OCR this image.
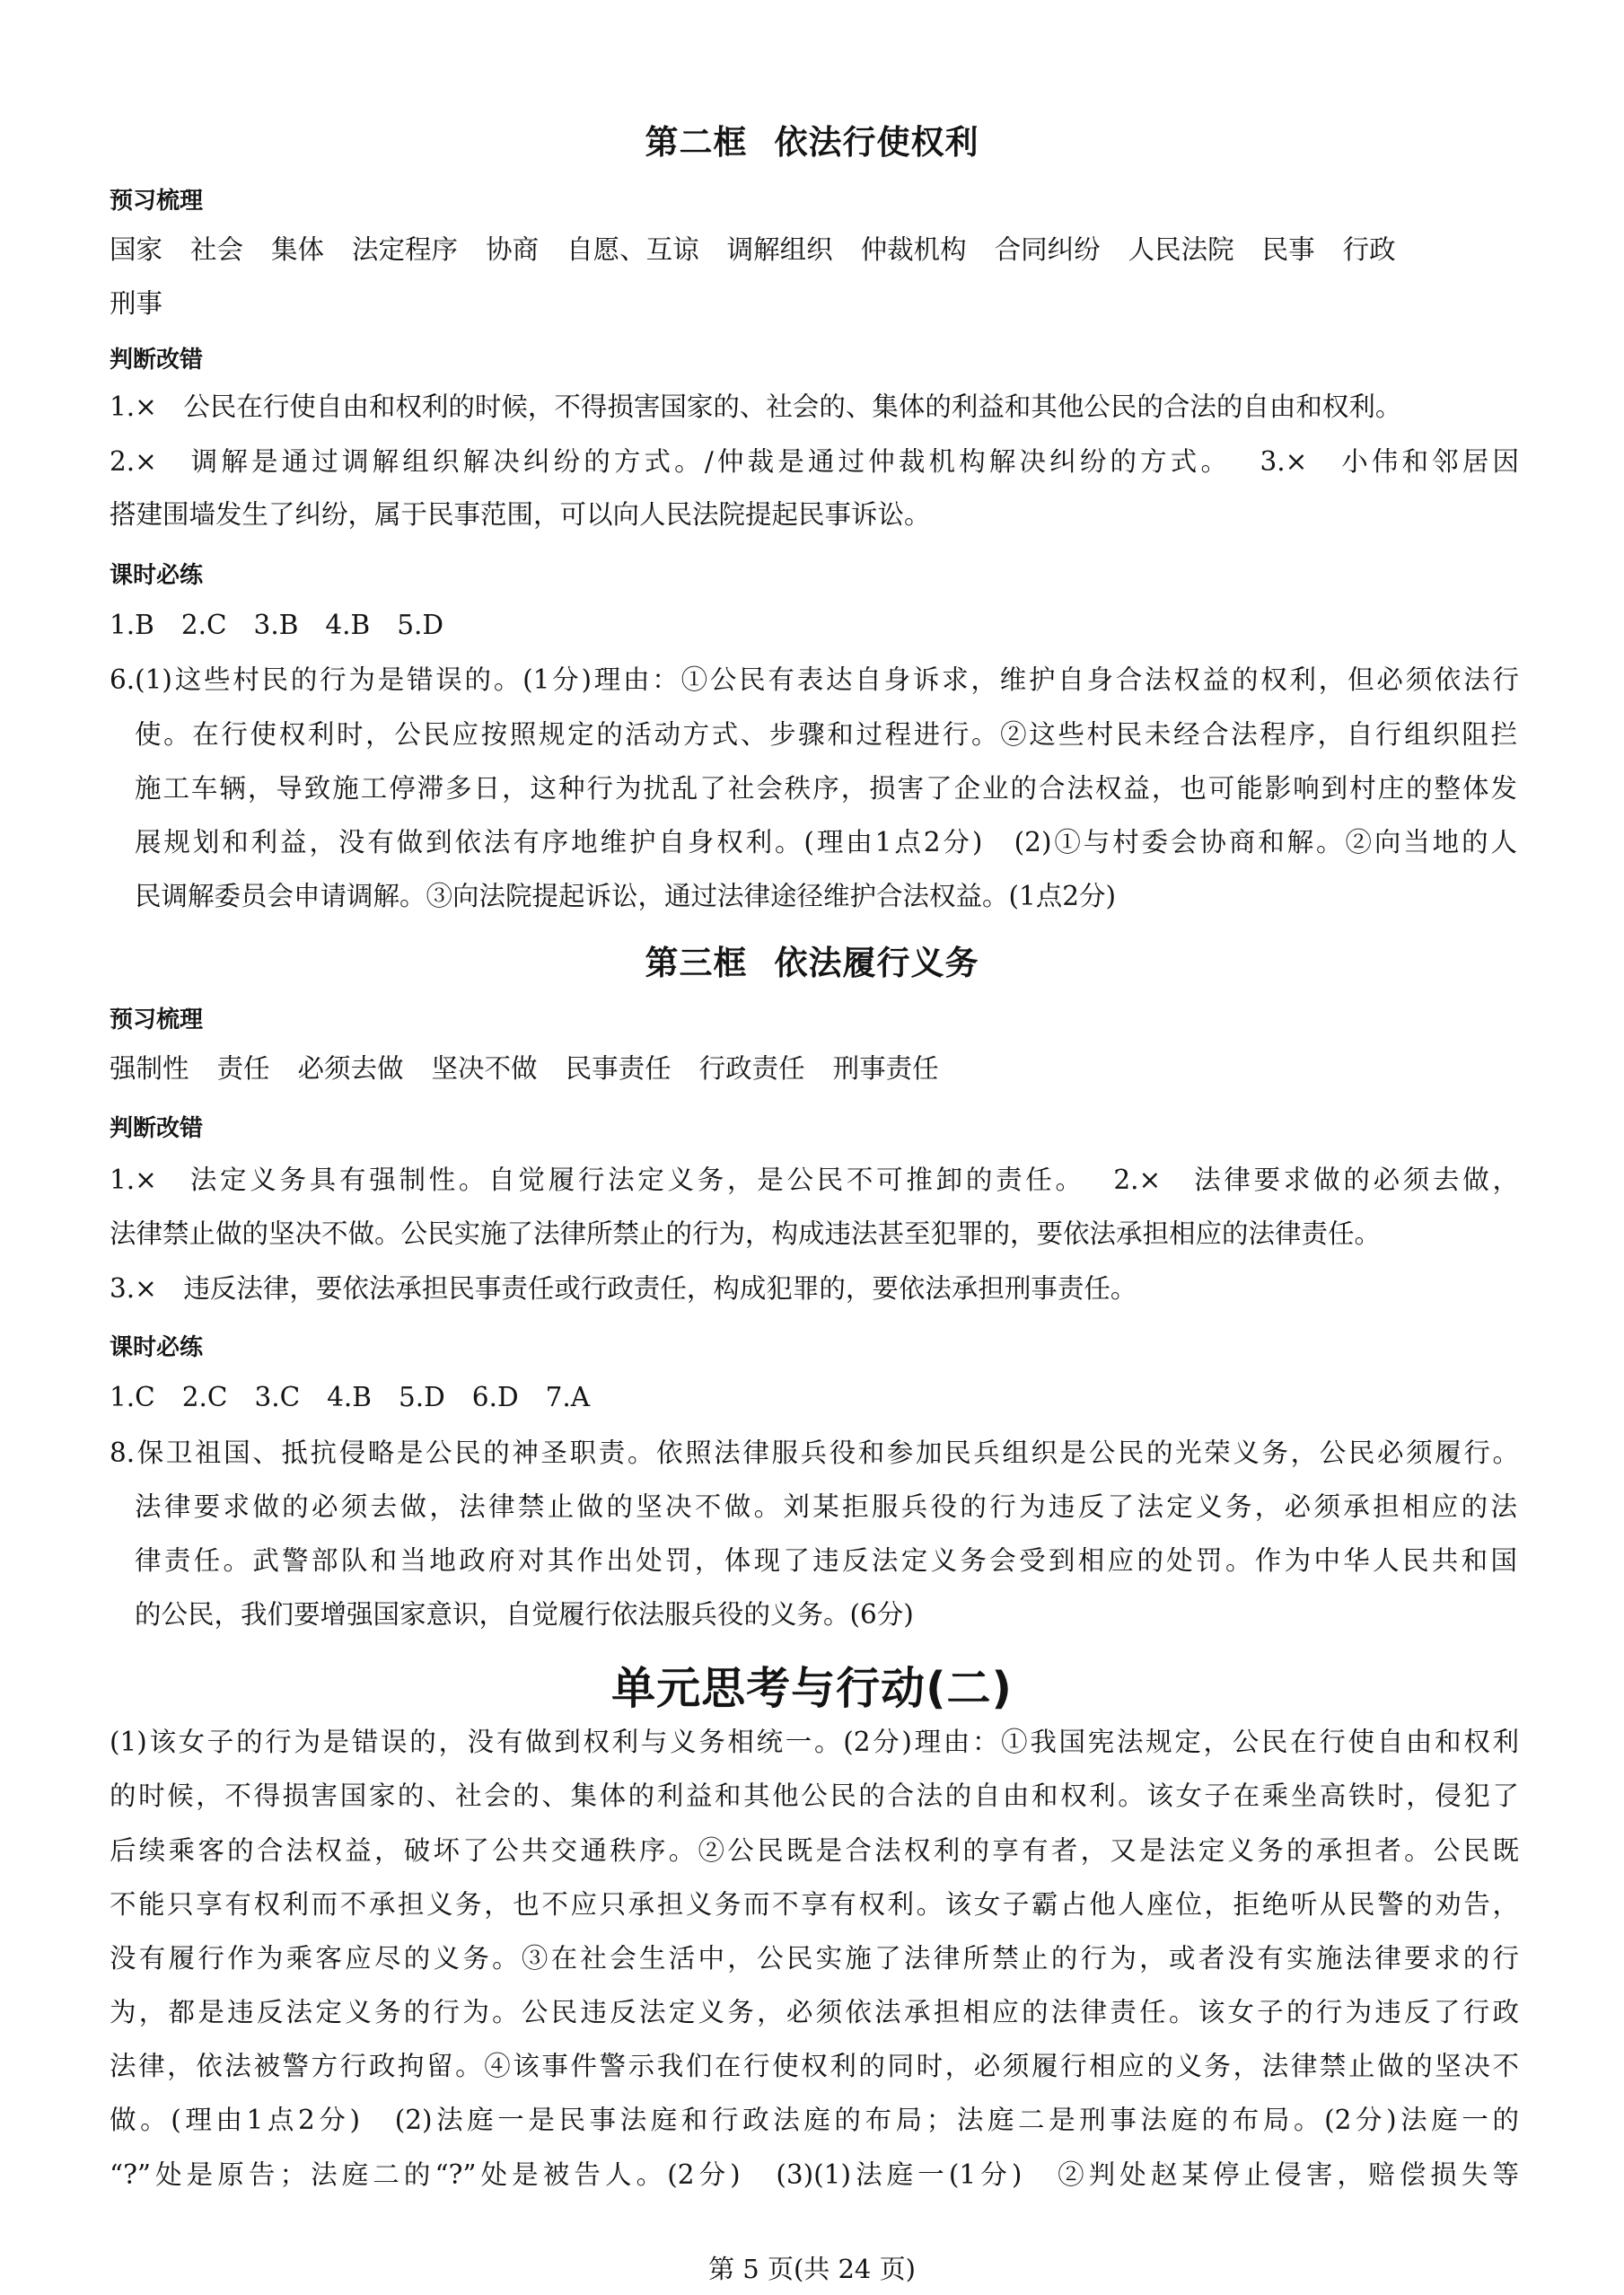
第二框 依法行使权利
预习梳理
国家 社会 集体 法定程序 协商 自愿、互谅 调解组织 仲裁机构 合同纠纷 人民法院 民事 行政
刑事
判断改错
1.×　公民在行使自由和权利的时候，不得损害国家的、社会的、集体的利益和其他公民的合法的自由和权利。
2.×　调解是通过调解组织解决纠纷的方式。/仲裁是通过仲裁机构解决纠纷的方式。　 3.×　小伟和邻居因
搭建围墙发生了纠纷，属于民事范围，可以向人民法院提起民事诉讼。
课时必练
1.B 2.C 3.B 4.B 5.D
6.(1)这些村民的行为是错误的。(1分)理由：①公民有表达自身诉求，维护自身合法权益的权利，但必须依法行
使。在行使权利时，公民应按照规定的活动方式、步骤和过程进行。②这些村民未经合法程序，自行组织阻拦
施工车辆，导致施工停滞多日，这种行为扰乱了社会秩序，损害了企业的合法权益，也可能影响到村庄的整体发
展规划和利益，没有做到依法有序地维护自身权利。(理由1点2分)　(2)①与村委会协商和解。②向当地的人
民调解委员会申请调解。③向法院提起诉讼，通过法律途径维护合法权益。(1点2分)
第三框 依法履行义务
预习梳理
强制性 责任 必须去做 坚决不做 民事责任 行政责任 刑事责任
判断改错
1.×　法定义务具有强制性。自觉履行法定义务，是公民不可推卸的责任。　 2.×　法律要求做的必须去做，
法律禁止做的坚决不做。公民实施了法律所禁止的行为，构成违法甚至犯罪的，要依法承担相应的法律责任。
3.×　违反法律，要依法承担民事责任或行政责任，构成犯罪的，要依法承担刑事责任。
课时必练
1.C 2.C 3.C 4.B 5.D 6.D 7.A
8.保卫祖国、抵抗侵略是公民的神圣职责。依照法律服兵役和参加民兵组织是公民的光荣义务，公民必须履行。
法律要求做的必须去做，法律禁止做的坚决不做。刘某拒服兵役的行为违反了法定义务，必须承担相应的法
律责任。武警部队和当地政府对其作出处罚，体现了违反法定义务会受到相应的处罚。作为中华人民共和国
的公民，我们要增强国家意识，自觉履行依法服兵役的义务。(6分)
单元思考与行动(二)
(1)该女子的行为是错误的，没有做到权利与义务相统一。(2分)理由：①我国宪法规定，公民在行使自由和权利
的时候，不得损害国家的、社会的、集体的利益和其他公民的合法的自由和权利。该女子在乘坐高铁时，侵犯了
后续乘客的合法权益，破坏了公共交通秩序。②公民既是合法权利的享有者，又是法定义务的承担者。公民既
不能只享有权利而不承担义务，也不应只承担义务而不享有权利。该女子霸占他人座位，拒绝听从民警的劝告，
没有履行作为乘客应尽的义务。③在社会生活中，公民实施了法律所禁止的行为，或者没有实施法律要求的行
为，都是违反法定义务的行为。公民违反法定义务，必须依法承担相应的法律责任。该女子的行为违反了行政
法律，依法被警方行政拘留。④该事件警示我们在行使权利的同时，必须履行相应的义务，法律禁止做的坚决不
做。(理由1点2分)　(2)法庭一是民事法庭和行政法庭的布局；法庭二是刑事法庭的布局。(2分)法庭一的
“?”处是原告；法庭二的“?”处是被告人。(2分)　(3)(1)法庭一(1分)　②判处赵某停止侵害，赔偿损失等
第 5 页(共 24 页)
